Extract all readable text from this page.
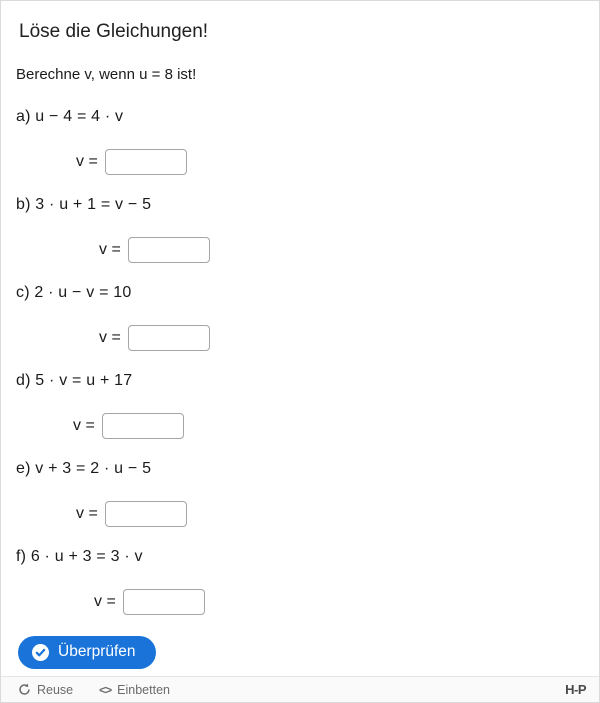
Löse die Gleichungen!

Berechne v, wenn u = 8 ist!

a) u − 4 = 4 · v

v =

b) 3 · u + 1 = v − 5

v =

c) 2 · u − v = 10

v =

d) 5 · v = u + 17

v =

e) v + 3 = 2 · u − 5

v =

f) 6 · u + 3 = 3 · v

v =
Überprüfen
Reuse <> Einbetten	H-P
